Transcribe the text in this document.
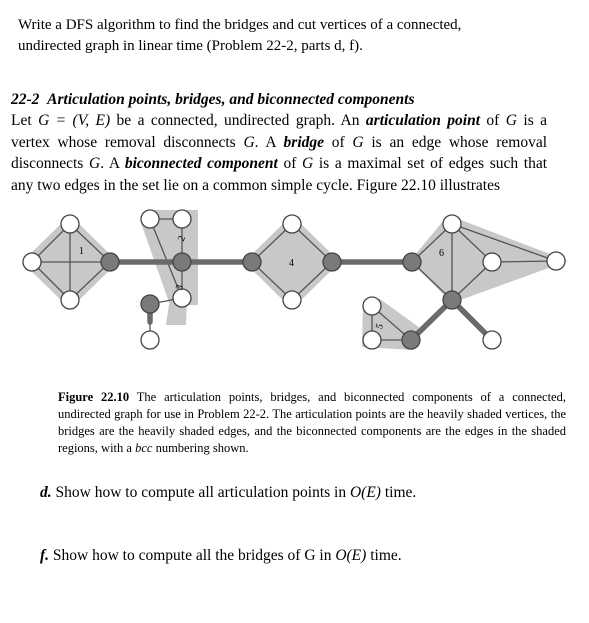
Write a DFS algorithm to find the bridges and cut vertices of a connected,
undirected graph in linear time (Problem 22-2, parts d, f).
22-2 Articulation points, bridges, and biconnected components
Let G = (V, E) be a connected, undirected graph. An articulation point of G is a vertex whose removal disconnects G. A bridge of G is an edge whose removal disconnects G. A biconnected component of G is a maximal set of edges such that any two edges in the set lie on a common simple cycle. Figure 22.10 illustrates
1
2
3
4
5
6
Figure 22.10 The articulation points, bridges, and biconnected components of a connected, undirected graph for use in Problem 22-2. The articulation points are the heavily shaded vertices, the bridges are the heavily shaded edges, and the biconnected components are the edges in the shaded regions, with a bcc numbering shown.
d. Show how to compute all articulation points in O(E) time.
f. Show how to compute all the bridges of G in O(E) time.
